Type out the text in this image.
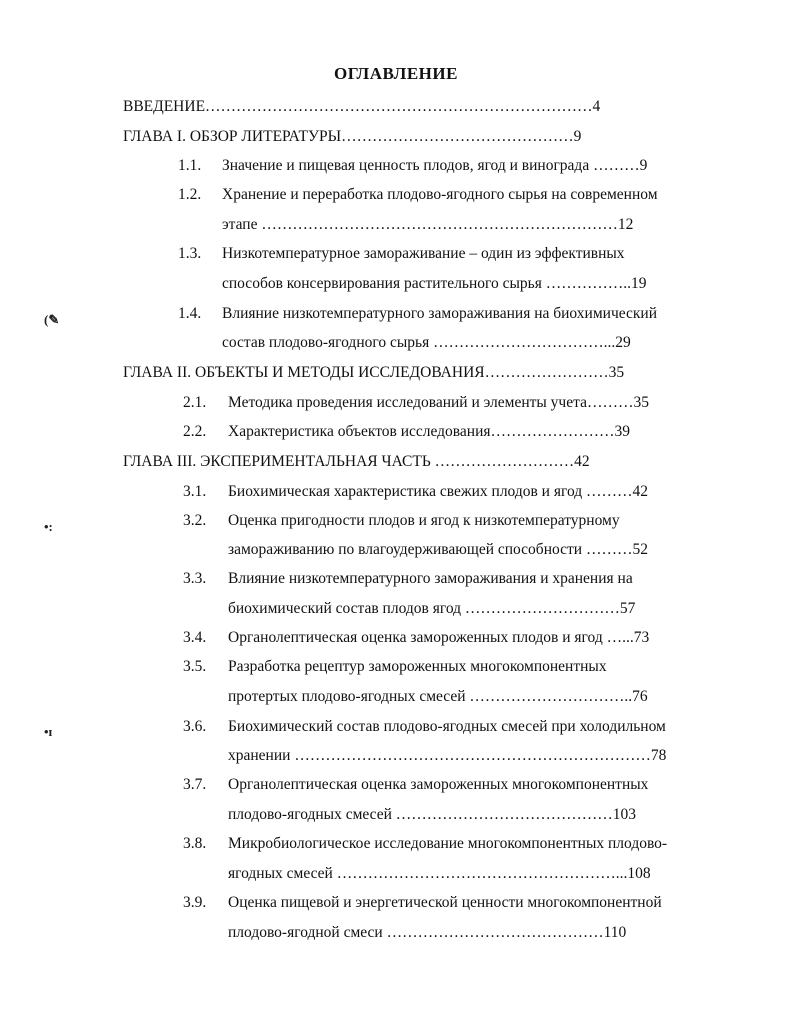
ОГЛАВЛЕНИЕ
ВВЕДЕНИЕ…………………………………………………………………4
ГЛАВА I. ОБЗОР ЛИТЕРАТУРЫ………………………………………9
1.1. Значение и пищевая ценность плодов, ягод и винограда ………9
1.2. Хранение и переработка плодово-ягодного сырья на современном
этапе ……………………………………………………………12
1.3. Низкотемпературное замораживание – один из эффективных
способов консервирования растительного сырья ……………..19
1.4. Влияние низкотемпературного замораживания на биохимический
состав плодово-ягодного сырья ……………………………...29
ГЛАВА II. ОБЪЕКТЫ И МЕТОДЫ ИССЛЕДОВАНИЯ……………………35
2.1. Методика проведения исследований и элементы учета………35
2.2. Характеристика объектов исследования……………………39
ГЛАВА III. ЭКСПЕРИМЕНТАЛЬНАЯ ЧАСТЬ ………………………42
3.1. Биохимическая характеристика свежих плодов и ягод ………42
3.2. Оценка пригодности плодов и ягод к низкотемпературному
замораживанию по влагоудерживающей способности ………52
3.3. Влияние низкотемпературного замораживания и хранения на
биохимический состав плодов ягод …………………………57
3.4. Органолептическая оценка замороженных плодов и ягод …...73
3.5. Разработка рецептур замороженных многокомпонентных
протертых плодово-ягодных смесей …………………………..76
3.6. Биохимический состав плодово-ягодных смесей при холодильном
хранении ……………………………………………………………78
3.7. Органолептическая оценка замороженных многокомпонентных
плодово-ягодных смесей ……………………………………103
3.8. Микробиологическое исследование многокомпонентных плодово-
ягодных смесей ………………………………………………...108
3.9. Оценка пищевой и энергетической ценности многокомпонентной
плодово-ягодной смеси ……………………………………110
(✎
•:
•ɪ
